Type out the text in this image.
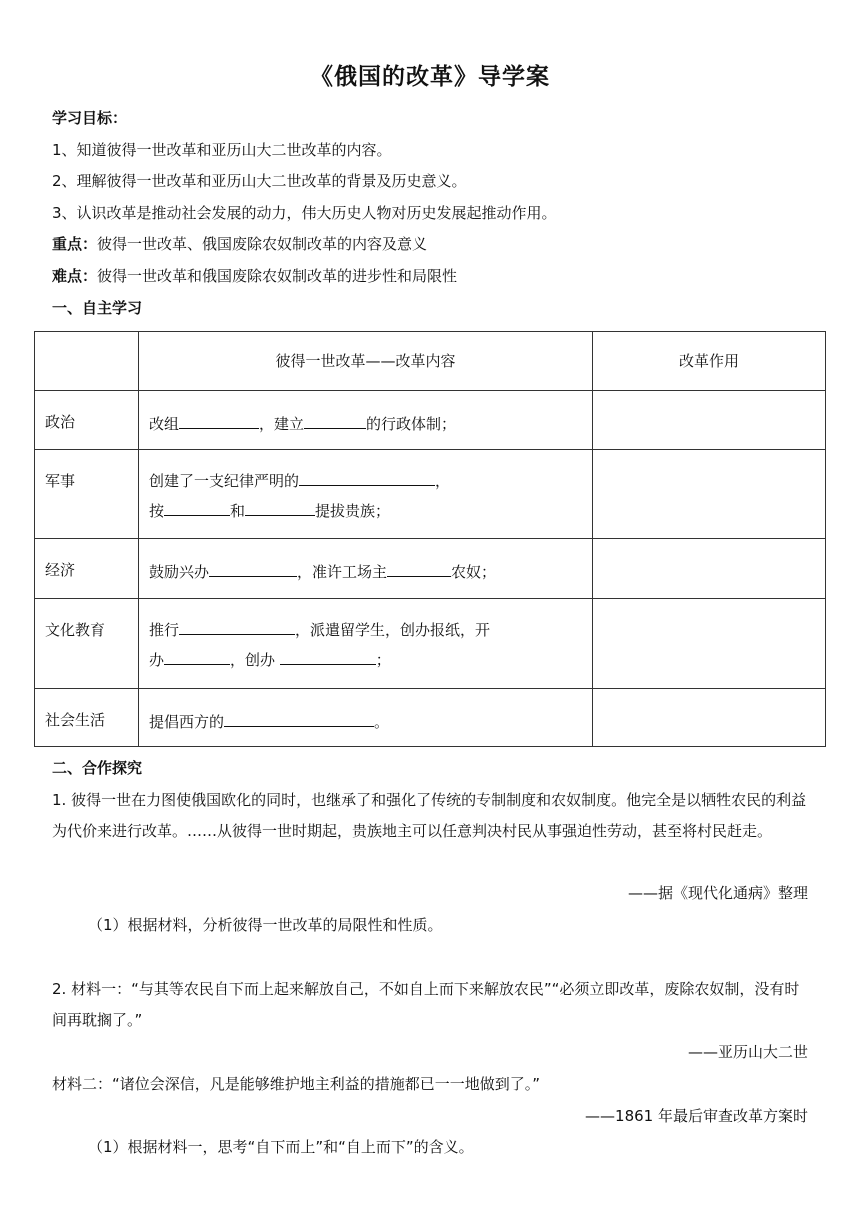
《俄国的改革》导学案
学习目标：
1、知道彼得一世改革和亚历山大二世改革的内容。
2、理解彼得一世改革和亚历山大二世改革的背景及历史意义。
3、认识改革是推动社会发展的动力，伟大历史人物对历史发展起推动作用。
重点：彼得一世改革、俄国废除农奴制改革的内容及意义
难点：彼得一世改革和俄国废除农奴制改革的进步性和局限性
一、自主学习

	彼得一世改革——改革内容	改革作用

政治	改组 ，建立 的行政体制；	

军事	创建了一支纪律严明的 ，
按 和 提拔贵族；	

经济	鼓励兴办 ，准许工场主 农奴；	

文化教育	推行 ，派遣留学生，创办报纸，开
办 ，创办 ；	

社会生活	提倡西方的 。	

二、合作探究
1. 彼得一世在力图使俄国欧化的同时，也继承了和强化了传统的专制制度和农奴制度。他完全是以牺牲农民的利益为代价来进行改革。……从彼得一世时期起，贵族地主可以任意判决村民从事强迫性劳动，甚至将村民赶走。
——据《现代化通病》整理
（1）根据材料，分析彼得一世改革的局限性和性质。
2. 材料一：“与其等农民自下而上起来解放自己，不如自上而下来解放农民”“必须立即改革，废除农奴制，没有时间再耽搁了。”
——亚历山大二世
材料二：“诸位会深信，凡是能够维护地主利益的措施都已一一地做到了。”
——1861 年最后审查改革方案时
（1）根据材料一，思考“自下而上”和“自上而下”的含义。
